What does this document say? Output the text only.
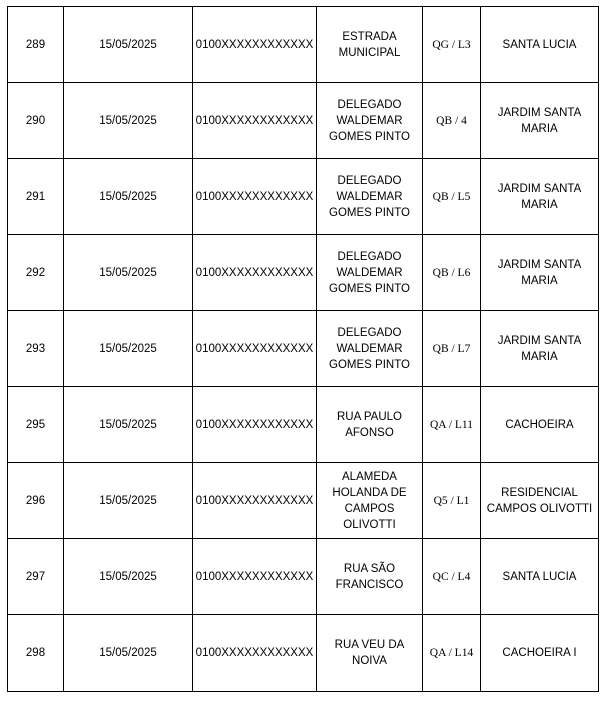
289	15/05/2025	0100XXXXXXXXXXXX	ESTRADA MUNICIPAL	QG / L3	SANTA LUCIA
290	15/05/2025	0100XXXXXXXXXXXX	DELEGADO WALDEMAR GOMES PINTO	QB / 4	JARDIM SANTA MARIA
291	15/05/2025	0100XXXXXXXXXXXX	DELEGADO WALDEMAR GOMES PINTO	QB / L5	JARDIM SANTA MARIA
292	15/05/2025	0100XXXXXXXXXXXX	DELEGADO WALDEMAR GOMES PINTO	QB / L6	JARDIM SANTA MARIA
293	15/05/2025	0100XXXXXXXXXXXX	DELEGADO WALDEMAR GOMES PINTO	QB / L7	JARDIM SANTA MARIA
295	15/05/2025	0100XXXXXXXXXXXX	RUA PAULO AFONSO	QA / L11	CACHOEIRA
296	15/05/2025	0100XXXXXXXXXXXX	ALAMEDA HOLANDA DE CAMPOS OLIVOTTI	Q5 / L1	RESIDENCIAL CAMPOS OLIVOTTI
297	15/05/2025	0100XXXXXXXXXXXX	RUA SÃO FRANCISCO	QC / L4	SANTA LUCIA
298	15/05/2025	0100XXXXXXXXXXXX	RUA VEU DA NOIVA	QA / L14	CACHOEIRA I
